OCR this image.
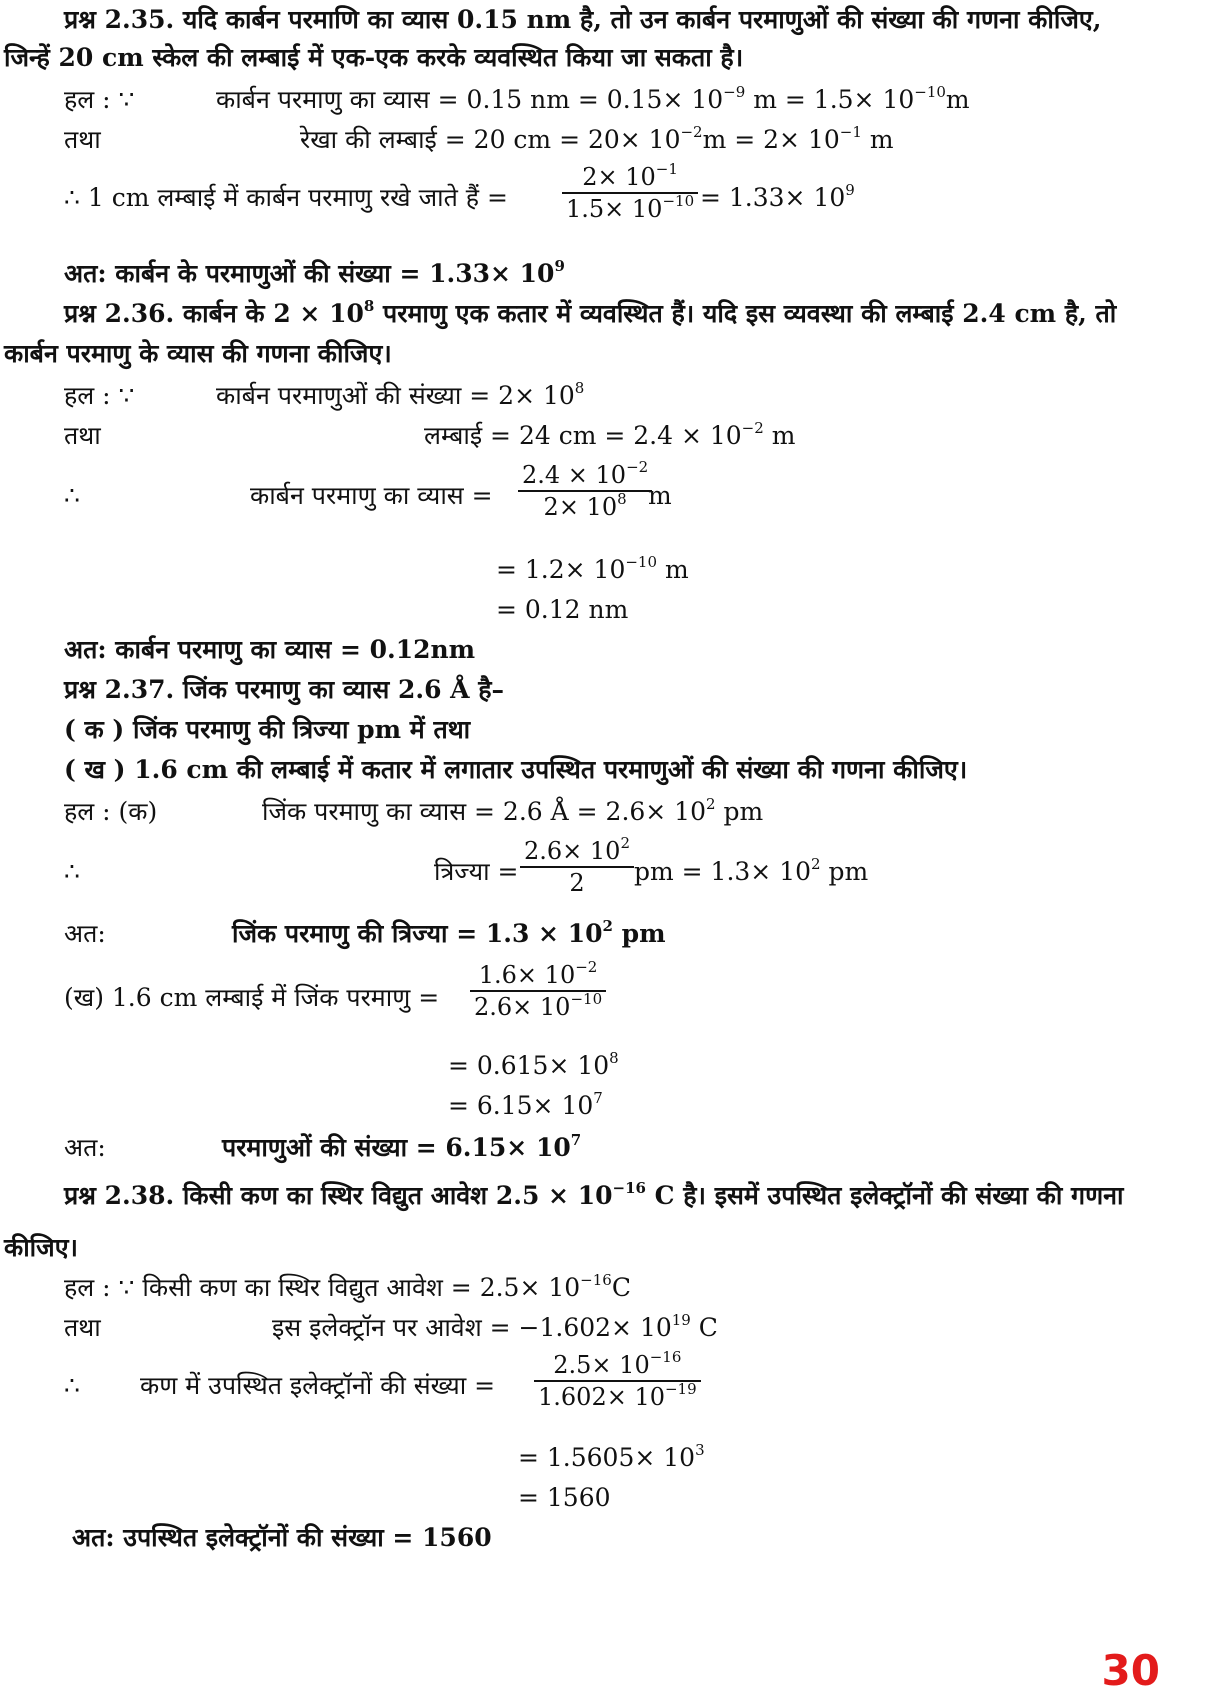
प्रश्न 2.35. यदि कार्बन परमाणि का व्यास 0.15 nm है, तो उन कार्बन परमाणुओं की संख्या की गणना कीजिए,
जिन्हें 20 cm स्केल की लम्बाई में एक-एक करके व्यवस्थित किया जा सकता है।
हल : ∵	कार्बन परमाणु का व्यास = 0.15 nm = $0.15\times 10^{-9}$ $m = 1.5\times 10^{-10}m$
तथा	रेखा की लम्बाई = 20 cm = $20\times 10^{-2}m = 2\times 10^{-1}$ m
∴ 1 cm लम्बाई में कार्बन परमाणु रखे जाते हैं = $\frac{2\times 10^{-1}}{1.5\times 10^{-10}} = 1.33\times 10^9$
अत: कार्बन के परमाणुओं की संख्या = $1.33\times 10^9$
प्रश्न 2.36. कार्बन के $2 \times 10^8$ परमाणु एक कतार में व्यवस्थित हैं। यदि इस व्यवस्था की लम्बाई 2.4 cm है, तो
कार्बन परमाणु के व्यास की गणना कीजिए।
हल : ∵	कार्बन परमाणुओं की संख्या = $2\times 10^8$
तथा	लम्बाई = 24 cm = $2.4 \times 10^{-2}$ m
∴	कार्बन परमाणु का व्यास = $\frac{2.4 \times 10^{-2}}{2\times 10^8}$
m
= $1.2\times 10^{-10}$ m
= 0.12 nm
अत: कार्बन परमाणु का व्यास = 0.12nm
प्रश्न 2.37. जिंक परमाणु का व्यास 2.6 Å है–
( क ) जिंक परमाणु की त्रिज्या pm में तथा
( ख ) 1.6 cm की लम्बाई में कतार में लगातार उपस्थित परमाणुओं की संख्या की गणना कीजिए।
हल : (क)	जिंक परमाणु का व्यास = 2.6 Å = $2.6\times 10^2$ pm
∴	त्रिज्या = $\frac{2.6\times 10^2}{2}$ pm = $1.3\times 10^2$ pm
अत:	जिंक परमाणु की त्रिज्या = $1.3 \times 10^2$ pm
(ख) 1.6 cm लम्बाई में जिंक परमाणु = $\frac{1.6\times 10^{-2}}{2.6\times 10^{-10}}$
= $0.615\times 10^8$
= $6.15\times 10^7$
अत:	परमाणुओं की संख्या = $6.15\times 10^7$
प्रश्न 2.38. किसी कण का स्थिर विद्युत आवेश $2.5 \times 10^{-16}$ C है। इसमें उपस्थित इलेक्ट्रॉनों की संख्या की गणना
कीजिए।
हल : ∵ किसी कण का स्थिर विद्युत आवेश = $2.5\times 10^{-16}C$
तथा	इस इलेक्ट्रॉन पर आवेश = $-1.602\times 10^{19}$ C
∴ कण में उपस्थित इलेक्ट्रॉनों की संख्या = $\frac{2.5\times 10^{-16}}{1.602\times 10^{-19}}$
= $1.5605\times 10^3$
= 1560
अत: उपस्थित इलेक्ट्रॉनों की संख्या = 1560
30
